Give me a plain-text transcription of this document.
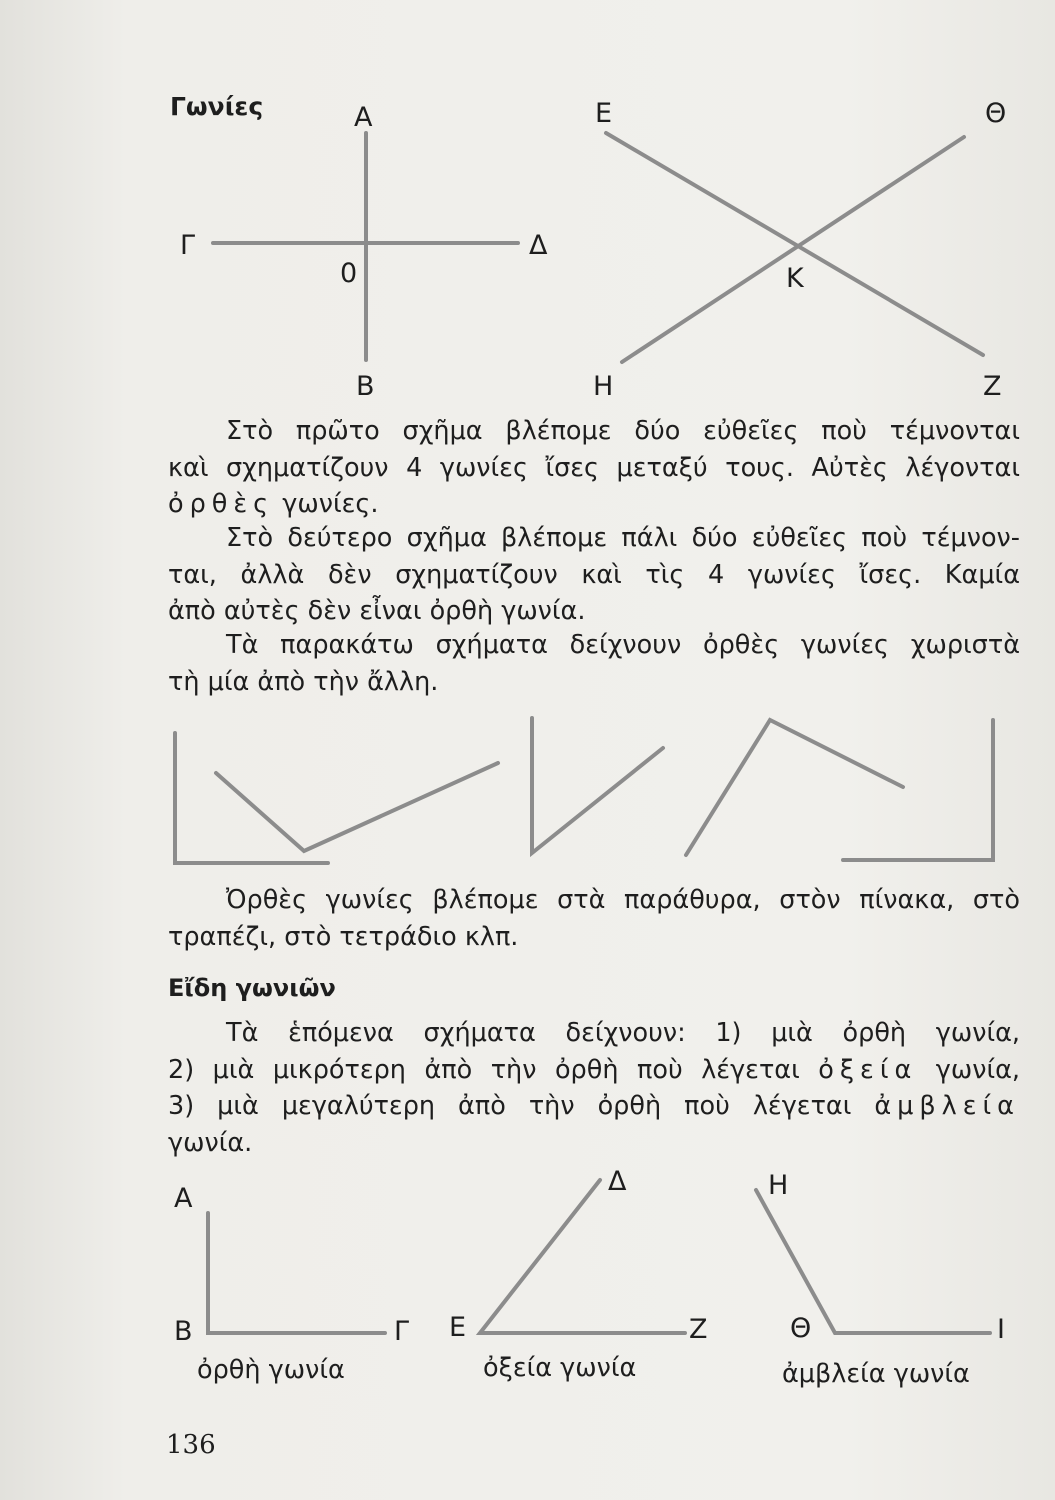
Γωνίες	Α
Γ	Δ
0
Β
Ε	Θ
Κ
Η	Ζ
Στὸ πρῶτο σχῆμα βλέπομε δύο εὐθεῖες ποὺ τέμνονται
καὶ σχηματίζουν 4 γωνίες ἴσες μεταξύ τους. Αὐτὲς λέγονται
ὀρθὲς γωνίες.
Στὸ δεύτερο σχῆμα βλέπομε πάλι δύο εὐθεῖες ποὺ τέμνον-
ται, ἀλλὰ δὲν σχηματίζουν καὶ τὶς 4 γωνίες ἴσες. Καμία
ἀπὸ αὐτὲς δὲν εἶναι ὀρθὴ γωνία.
Τὰ παρακάτω σχήματα δείχνουν ὀρθὲς γωνίες χωριστὰ
τὴ μία ἀπὸ τὴν ἄλλη.
Ὀρθὲς γωνίες βλέπομε στὰ παράθυρα, στὸν πίνακα, στὸ
τραπέζι, στὸ τετράδιο κλπ.
Εἴδη γωνιῶν
Τὰ ἑπόμενα σχήματα δείχνουν: 1) μιὰ ὀρθὴ γωνία,
2) μιὰ μικρότερη ἀπὸ τὴν ὀρθὴ ποὺ λέγεται ὀξεία γωνία,
3) μιὰ μεγαλύτερη ἀπὸ τὴν ὀρθὴ ποὺ λέγεται ἀμβλεία
γωνία.
Α
Β	Γ
ὀρθὴ γωνία
Δ
Ε	Ζ
ὀξεία γωνία
Η
Θ	Ι
ἀμβλεία γωνία
136
